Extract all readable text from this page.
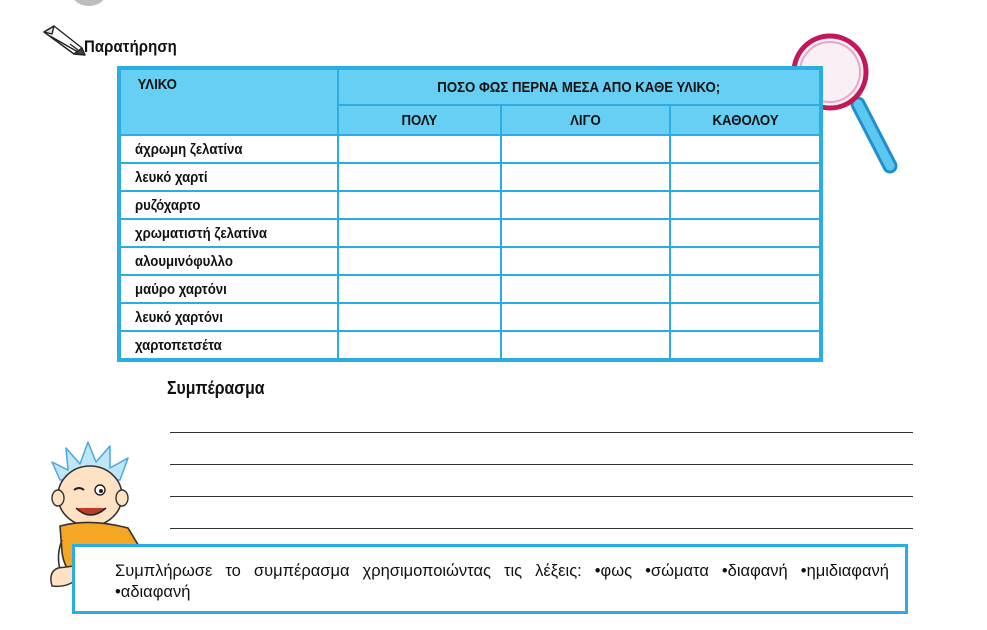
Παρατήρηση
ΥΛΙΚΟ	ΠΟΣΟ ΦΩΣ ΠΕΡΝΑ ΜΕΣΑ ΑΠΟ ΚΑΘΕ ΥΛΙΚΟ;		
	ΠΟΛΥ	ΛΙΓΟ	ΚΑΘΟΛΟΥ
άχρωμη ζελατίνα			
λευκό χαρτί			
ρυζόχαρτο			
χρωματιστή ζελατίνα			
αλουμινόφυλλο			
μαύρο χαρτόνι			
λευκό χαρτόνι			
χαρτοπετσέτα			
Συμπέρασμα
Συμπλήρωσε το συμπέρασμα χρησιμοποιώντας τις λέξεις: •φως •σώματα •διαφανή •ημιδιαφανή •αδιαφανή
